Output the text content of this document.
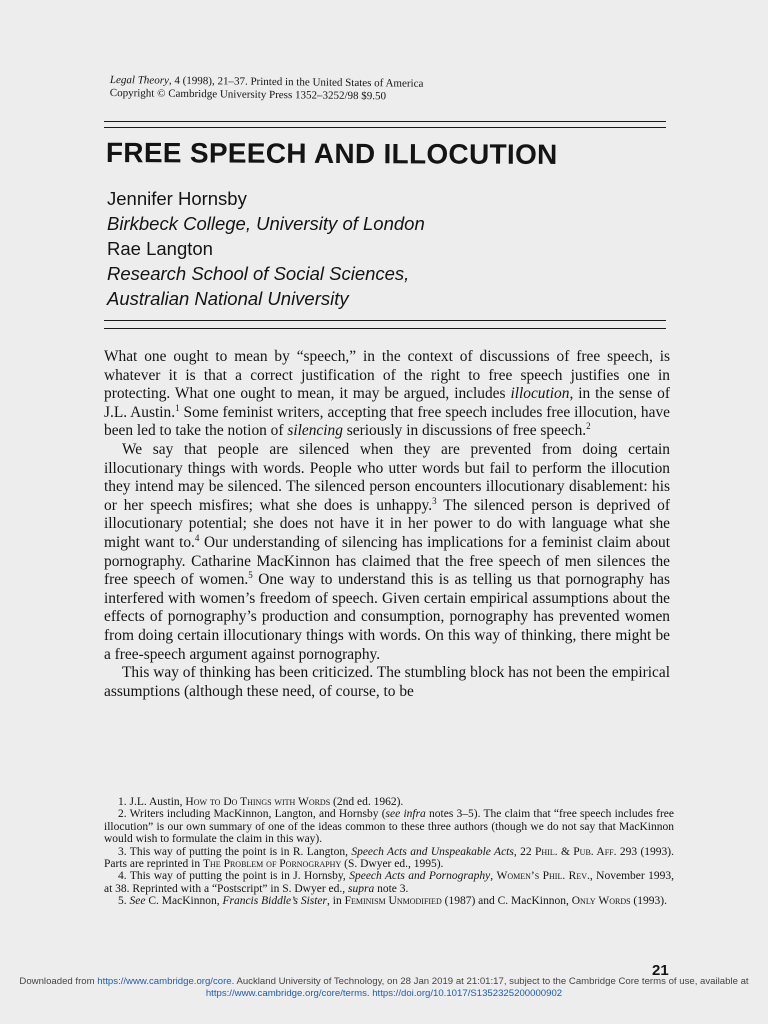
Legal Theory, 4 (1998), 21–37. Printed in the United States of America
Copyright © Cambridge University Press 1352–3252/98 $9.50
FREE SPEECH AND ILLOCUTION
Jennifer Hornsby
Birkbeck College, University of London
Rae Langton
Research School of Social Sciences,
Australian National University

What one ought to mean by “speech,” in the context of discussions of free speech, is whatever it is that a correct justification of the right to free speech justifies one in protecting. What one ought to mean, it may be argued, includes illocution, in the sense of J.L. Austin.$^1$ Some feminist writers, accepting that free speech includes free illocution, have been led to take the notion of silencing seriously in discussions of free speech.$^2$

We say that people are silenced when they are prevented from doing certain illocutionary things with words. People who utter words but fail to perform the illocution they intend may be silenced. The silenced person encounters illocutionary disablement: his or her speech misfires; what she does is unhappy.$^3$ The silenced person is deprived of illocutionary potential; she does not have it in her power to do with language what she might want to.$^4$ Our understanding of silencing has implications for a feminist claim about pornography. Catharine MacKinnon has claimed that the free speech of men silences the free speech of women.$^5$ One way to understand this is as telling us that pornography has interfered with women’s freedom of speech. Given certain empirical assumptions about the effects of pornography’s production and consumption, pornography has prevented women from doing certain illocutionary things with words. On this way of thinking, there might be a free-speech argument against pornography.

This way of thinking has been criticized. The stumbling block has not been the empirical assumptions (although these need, of course, to be

1. J.L. Austin, How to Do Things with Words (2nd ed. 1962).

2. Writers including MacKinnon, Langton, and Hornsby (see infra notes 3–5). The claim that “free speech includes free illocution” is our own summary of one of the ideas common to these three authors (though we do not say that MacKinnon would wish to formulate the claim in this way).

3. This way of putting the point is in R. Langton, Speech Acts and Unspeakable Acts, 22 Phil. & Pub. Aff. 293 (1993). Parts are reprinted in The Problem of Pornography (S. Dwyer ed., 1995).

4. This way of putting the point is in J. Hornsby, Speech Acts and Pornography, Women’s Phil. Rev., November 1993, at 38. Reprinted with a “Postscript” in S. Dwyer ed., supra note 3.

5. See C. MacKinnon, Francis Biddle’s Sister, in Feminism Unmodified (1987) and C. MacKinnon, Only Words (1993).

21
Downloaded from https://www.cambridge.org/core. Auckland University of Technology, on 28 Jan 2019 at 21:01:17, subject to the Cambridge Core terms of use, available at https://www.cambridge.org/core/terms. https://doi.org/10.1017/S1352325200000902
